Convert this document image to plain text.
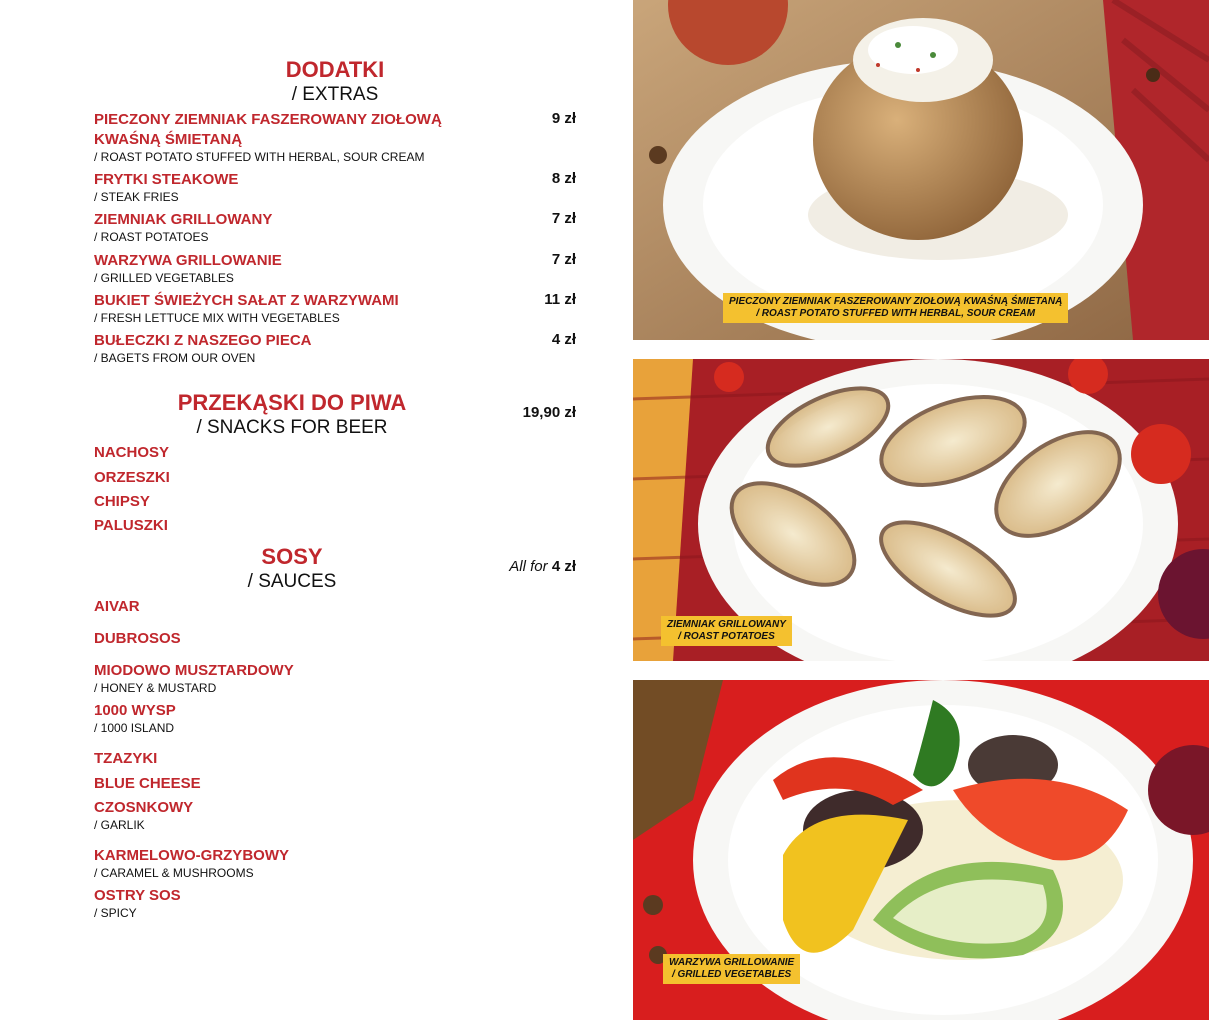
DODATKI
/ EXTRAS
PIECZONY ZIEMNIAK FASZEROWANY ZIOŁOWĄ
KWAŚNĄ ŚMIETANĄ
/ ROAST POTATO STUFFED WITH HERBAL, SOUR CREAM
9 zł
FRYTKI STEAKOWE
/ STEAK FRIES
8 zł
ZIEMNIAK GRILLOWANY
/ ROAST POTATOES
7 zł
WARZYWA GRILLOWANIE
/ GRILLED VEGETABLES
7 zł
BUKIET ŚWIEŻYCH SAŁAT Z WARZYWAMI
/ FRESH LETTUCE MIX WITH VEGETABLES
11 zł
BUŁECZKI Z NASZEGO PIECA
/ BAGETS FROM OUR OVEN
4 zł
PRZEKĄSKI DO PIWA
/ SNACKS FOR BEER
19,90 zł
NACHOSY
ORZESZKI
CHIPSY
PALUSZKI
SOSY
/ SAUCES
All for 4 zł
AIVAR
DUBROSOS
MIODOWO MUSZTARDOWY
/ HONEY & MUSTARD
1000 WYSP
/ 1000 ISLAND
TZAZYKI
BLUE CHEESE
CZOSNKOWY
/ GARLIK
KARMELOWO-GRZYBOWY
/ CARAMEL & MUSHROOMS
OSTRY SOS
/ SPICY
PIECZONY ZIEMNIAK FASZEROWANY ZIOŁOWĄ KWAŚNĄ ŚMIETANĄ
/ ROAST POTATO STUFFED WITH HERBAL, SOUR CREAM
ZIEMNIAK GRILLOWANY
/ ROAST POTATOES
WARZYWA GRILLOWANIE
/ GRILLED VEGETABLES
